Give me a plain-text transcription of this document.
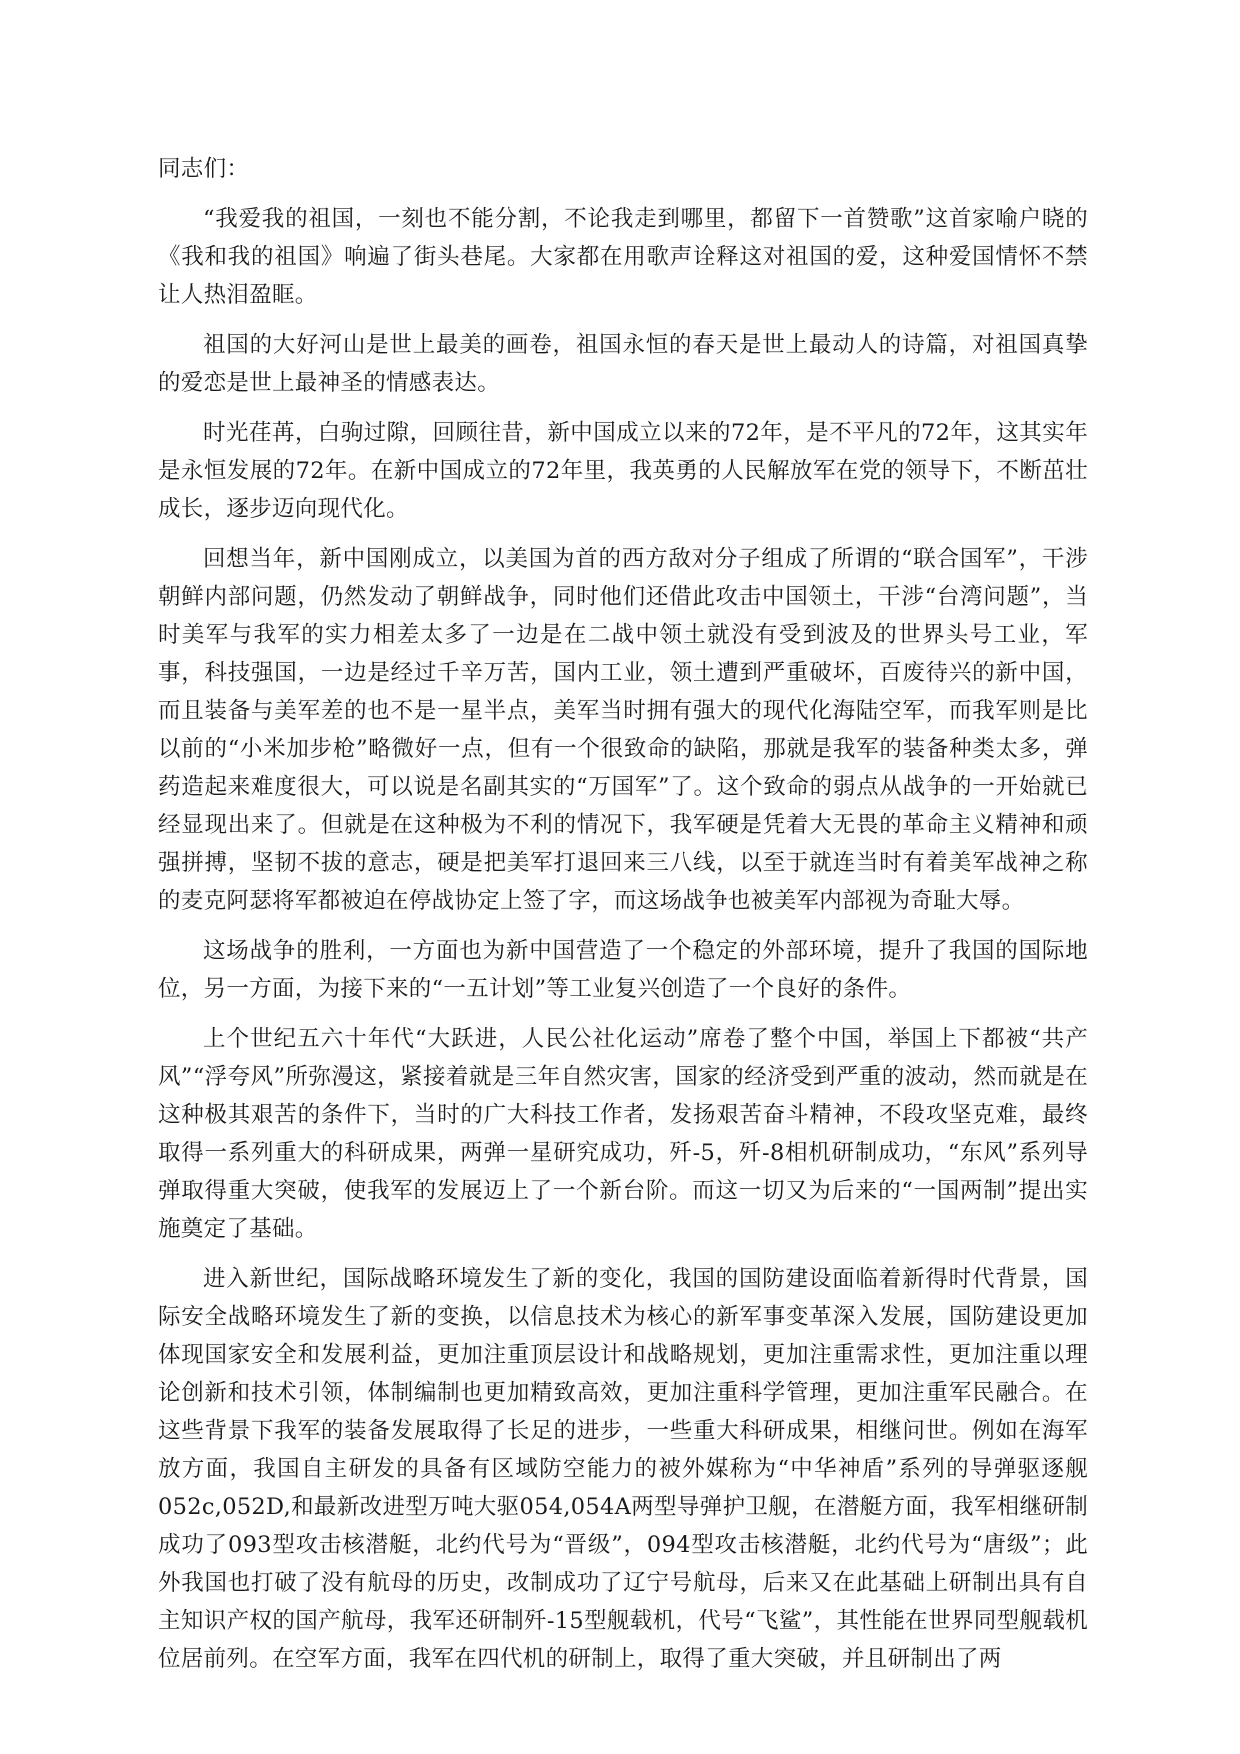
同志们：

“我爱我的祖国，一刻也不能分割，不论我走到哪里，都留下一首赞歌”这首家喻户晓的《我和我的祖国》响遍了街头巷尾。大家都在用歌声诠释这对祖国的爱，这种爱国情怀不禁让人热泪盈眶。

祖国的大好河山是世上最美的画卷，祖国永恒的春天是世上最动人的诗篇，对祖国真挚的爱恋是世上最神圣的情感表达。

时光荏苒，白驹过隙，回顾往昔，新中国成立以来的72年，是不平凡的72年，这其实年是永恒发展的72年。在新中国成立的72年里，我英勇的人民解放军在党的领导下，不断茁壮成长，逐步迈向现代化。

回想当年，新中国刚成立，以美国为首的西方敌对分子组成了所谓的“联合国军”，干涉朝鲜内部问题，仍然发动了朝鲜战争，同时他们还借此攻击中国领土，干涉“台湾问题”，当时美军与我军的实力相差太多了一边是在二战中领土就没有受到波及的世界头号工业，军事，科技强国，一边是经过千辛万苦，国内工业，领土遭到严重破坏，百废待兴的新中国，而且装备与美军差的也不是一星半点，美军当时拥有强大的现代化海陆空军，而我军则是比以前的“小米加步枪”略微好一点，但有一个很致命的缺陷，那就是我军的装备种类太多，弹药造起来难度很大，可以说是名副其实的“万国军”了。这个致命的弱点从战争的一开始就已经显现出来了。但就是在这种极为不利的情况下，我军硬是凭着大无畏的革命主义精神和顽强拼搏，坚韧不拔的意志，硬是把美军打退回来三八线，以至于就连当时有着美军战神之称的麦克阿瑟将军都被迫在停战协定上签了字，而这场战争也被美军内部视为奇耻大辱。

这场战争的胜利，一方面也为新中国营造了一个稳定的外部环境，提升了我国的国际地位，另一方面，为接下来的“一五计划”等工业复兴创造了一个良好的条件。

上个世纪五六十年代“大跃进，人民公社化运动”席卷了整个中国，举国上下都被“共产风”“浮夸风”所弥漫这，紧接着就是三年自然灾害，国家的经济受到严重的波动，然而就是在这种极其艰苦的条件下，当时的广大科技工作者，发扬艰苦奋斗精神，不段攻坚克难，最终取得一系列重大的科研成果，两弹一星研究成功，歼-5，歼-8相机研制成功，“东风”系列导弹取得重大突破，使我军的发展迈上了一个新台阶。而这一切又为后来的“一国两制”提出实施奠定了基础。

进入新世纪，国际战略环境发生了新的变化，我国的国防建设面临着新得时代背景，国际安全战略环境发生了新的变换，以信息技术为核心的新军事变革深入发展，国防建设更加体现国家安全和发展利益，更加注重顶层设计和战略规划，更加注重需求性，更加注重以理论创新和技术引领，体制编制也更加精致高效，更加注重科学管理，更加注重军民融合。在这些背景下我军的装备发展取得了长足的进步，一些重大科研成果，相继问世。例如在海军放方面，我国自主研发的具备有区域防空能力的被外媒称为“中华神盾”系列的导弹驱逐舰052c,052D,和最新改进型万吨大驱054,054A两型导弹护卫舰，在潜艇方面，我军相继研制成功了093型攻击核潜艇，北约代号为“晋级”，094型攻击核潜艇，北约代号为“唐级”；此外我国也打破了没有航母的历史，改制成功了辽宁号航母，后来又在此基础上研制出具有自主知识产权的国产航母，我军还研制歼-15型舰载机，代号“飞鲨”，其性能在世界同型舰载机位居前列。在空军方面，我军在四代机的研制上，取得了重大突破，并且研制出了两
